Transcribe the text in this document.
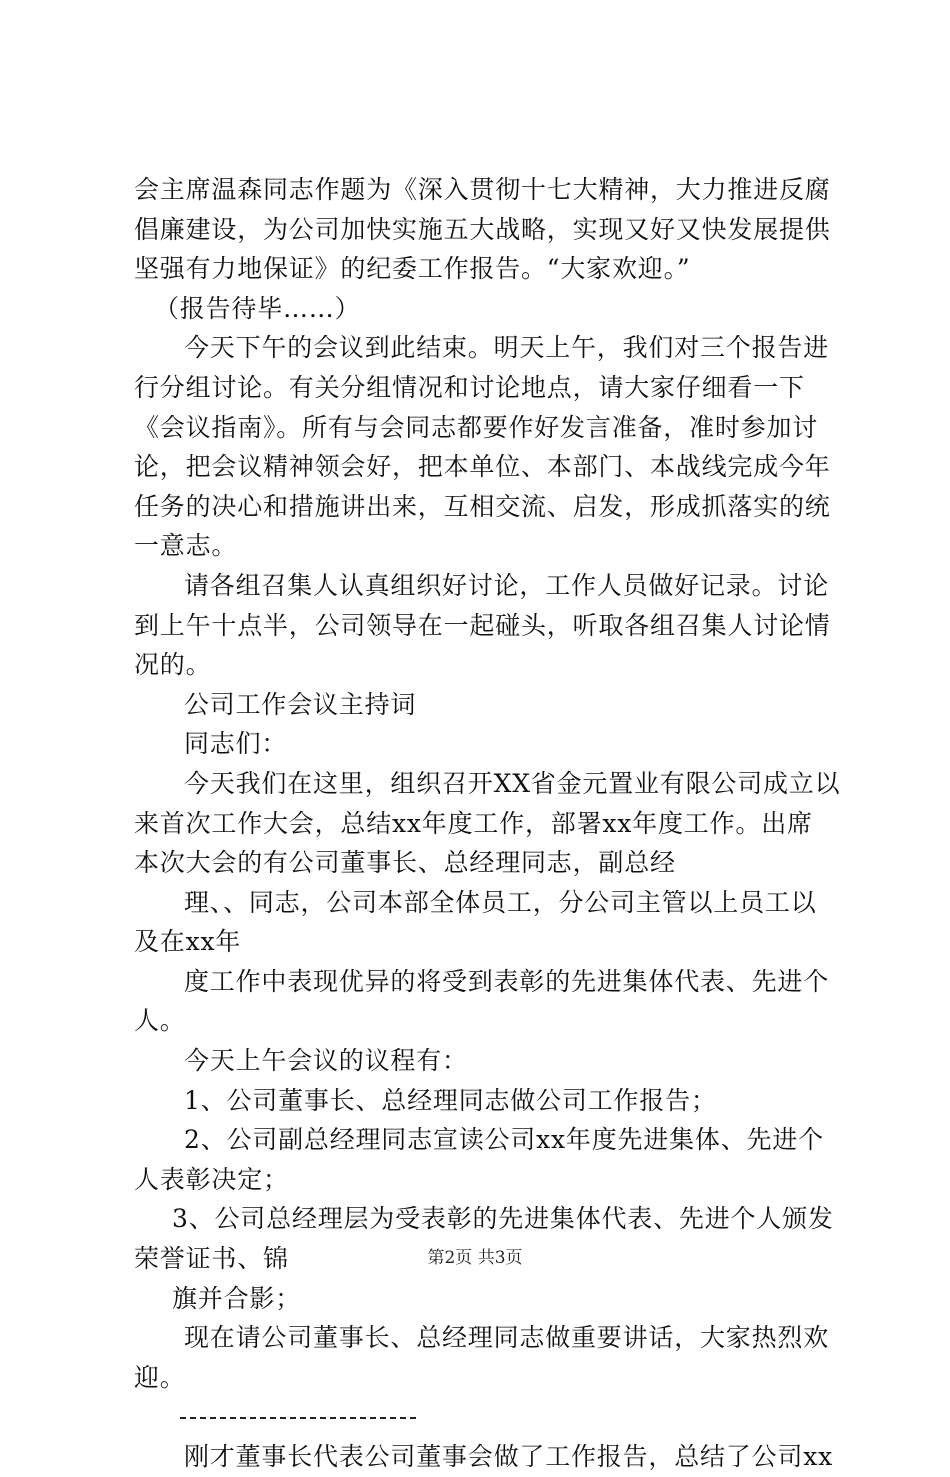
会主席温森同志作题为《深入贯彻十七大精神，大力推进反腐
倡廉建设，为公司加快实施五大战略，实现又好又快发展提供
坚强有力地保证》的纪委工作报告。“大家欢迎。”
（报告待毕……）
今天下午的会议到此结束。明天上午，我们对三个报告进
行分组讨论。有关分组情况和讨论地点，请大家仔细看一下
《会议指南》。所有与会同志都要作好发言准备，准时参加讨
论，把会议精神领会好，把本单位、本部门、本战线完成今年
任务的决心和措施讲出来，互相交流、启发，形成抓落实的统
一意志。
请各组召集人认真组织好讨论，工作人员做好记录。讨论
到上午十点半，公司领导在一起碰头，听取各组召集人讨论情
况的。
公司工作会议主持词
同志们：
今天我们在这里，组织召开XX省金元置业有限公司成立以
来首次工作大会，总结xx年度工作，部署xx年度工作。出席
本次大会的有公司董事长、总经理同志，副总经
理、、同志，公司本部全体员工，分公司主管以上员工以
及在xx年
度工作中表现优异的将受到表彰的先进集体代表、先进个
人。
今天上午会议的议程有：
1、公司董事长、总经理同志做公司工作报告；
2、公司副总经理同志宣读公司xx年度先进集体、先进个
人表彰决定；
3、公司总经理层为受表彰的先进集体代表、先进个人颁发
荣誉证书、锦
旗并合影；
现在请公司董事长、总经理同志做重要讲话，大家热烈欢
迎。
刚才董事长代表公司董事会做了工作报告，总结了公司xx
第2页 共3页
